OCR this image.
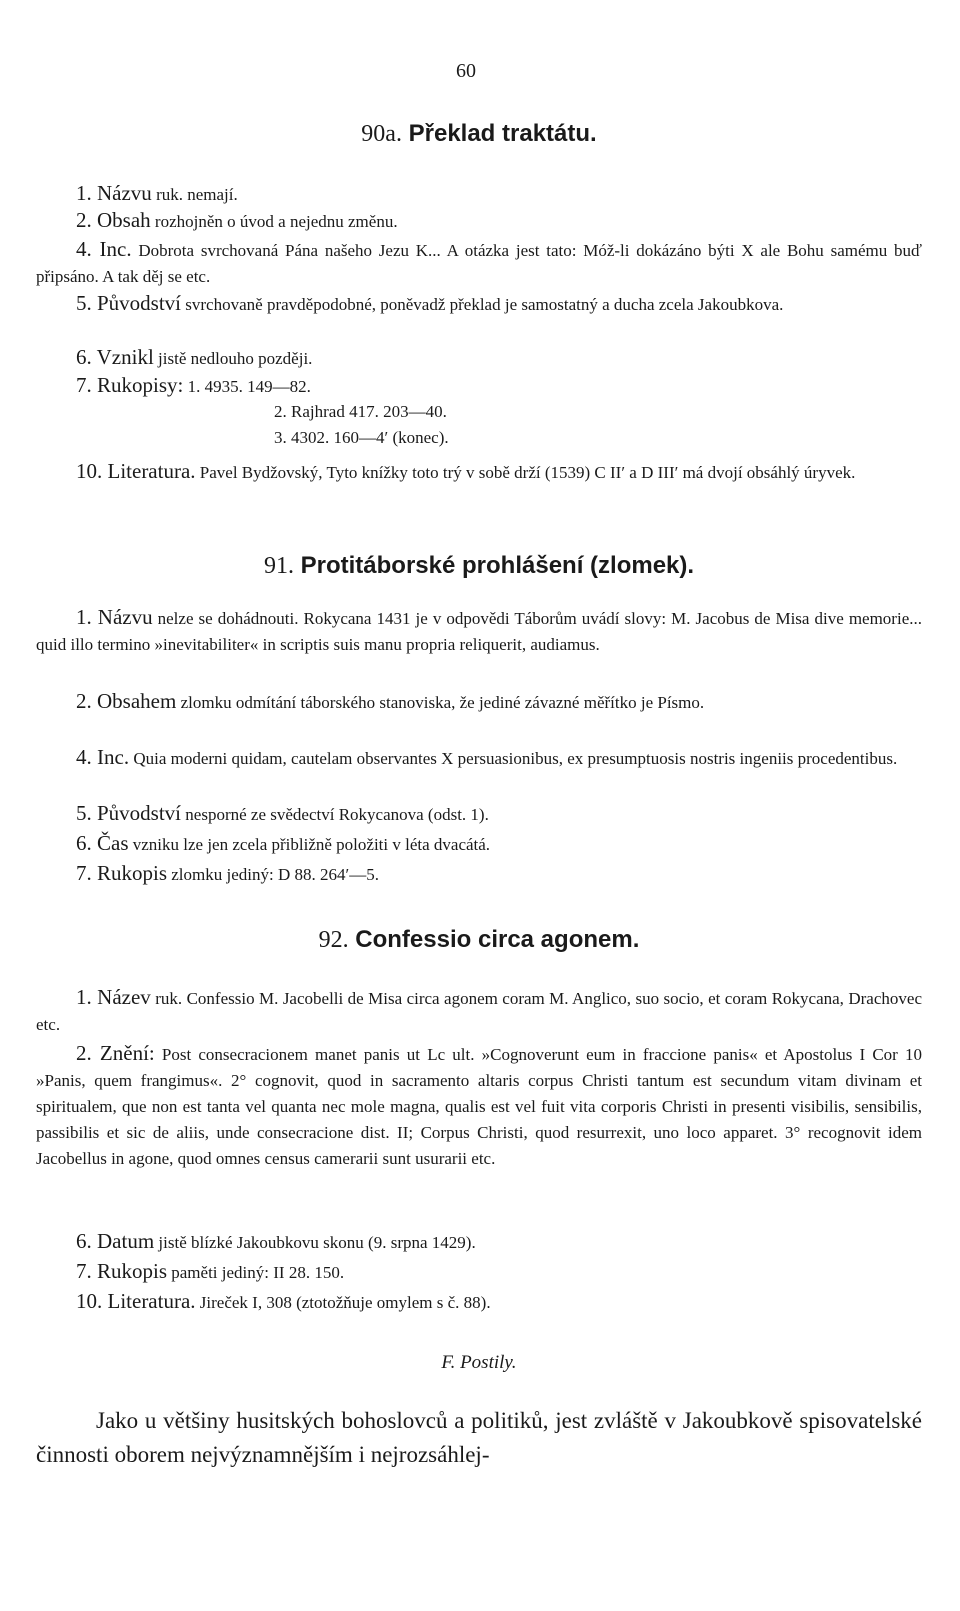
60
90a. Překlad traktátu.
1. Názvu ruk. nemají.
2. Obsah rozhojněn o úvod a nejednu změnu.
4. Inc. Dobrota svrchovaná Pána našeho Jezu K... A otázka jest tato: Móž-li dokázáno býti X ale Bohu samému buď připsáno. A tak děj se etc.
5. Původství svrchovaně pravděpodobné, poněvadž překlad je samostatný a ducha zcela Jakoubkova.
6. Vznikl jistě nedlouho později.
7. Rukopisy: 1. 4935. 149—82.
2. Rajhrad 417. 203—40.
3. 4302. 160—4′ (konec).
10. Literatura. Pavel Bydžovský, Tyto knížky toto trý v sobě drží (1539) C II′ a D III′ má dvojí obsáhlý úryvek.
91. Protitáborské prohlášení (zlomek).
1. Názvu nelze se dohádnouti. Rokycana 1431 je v odpovědi Táborům uvádí slovy: M. Jacobus de Misa dive memorie... quid illo termino »inevitabiliter« in scriptis suis manu propria reliquerit, audiamus.
2. Obsahem zlomku odmítání táborského stanoviska, že jediné závazné měřítko je Písmo.
4. Inc. Quia moderni quidam, cautelam observantes X persuasionibus, ex presumptuosis nostris ingeniis procedentibus.
5. Původství nesporné ze svědectví Rokycanova (odst. 1).
6. Čas vzniku lze jen zcela přibližně položiti v léta dvacátá.
7. Rukopis zlomku jediný: D 88. 264′—5.
92. Confessio circa agonem.
1. Název ruk. Confessio M. Jacobelli de Misa circa agonem coram M. Anglico, suo socio, et coram Rokycana, Drachovec etc.
2. Znění: Post consecracionem manet panis ut Lc ult. »Cognoverunt eum in fraccione panis« et Apostolus I Cor 10 »Panis, quem frangimus«. 2° cognovit, quod in sacramento altaris corpus Christi tantum est secundum vitam divinam et spiritualem, que non est tanta vel quanta nec mole magna, qualis est vel fuit vita corporis Christi in presenti visibilis, sensibilis, passibilis et sic de aliis, unde consecracione dist. II; Corpus Christi, quod resurrexit, uno loco apparet. 3° recognovit idem Jacobellus in agone, quod omnes census camerarii sunt usurarii etc.
6. Datum jistě blízké Jakoubkovu skonu (9. srpna 1429).
7. Rukopis paměti jediný: II 28. 150.
10. Literatura. Jireček I, 308 (ztotožňuje omylem s č. 88).
F. Postily.
Jako u většiny husitských bohoslovců a politiků, jest zvláště v Jakoubkově spisovatelské činnosti oborem nejvýznamnějším i nejrozsáhlej-
